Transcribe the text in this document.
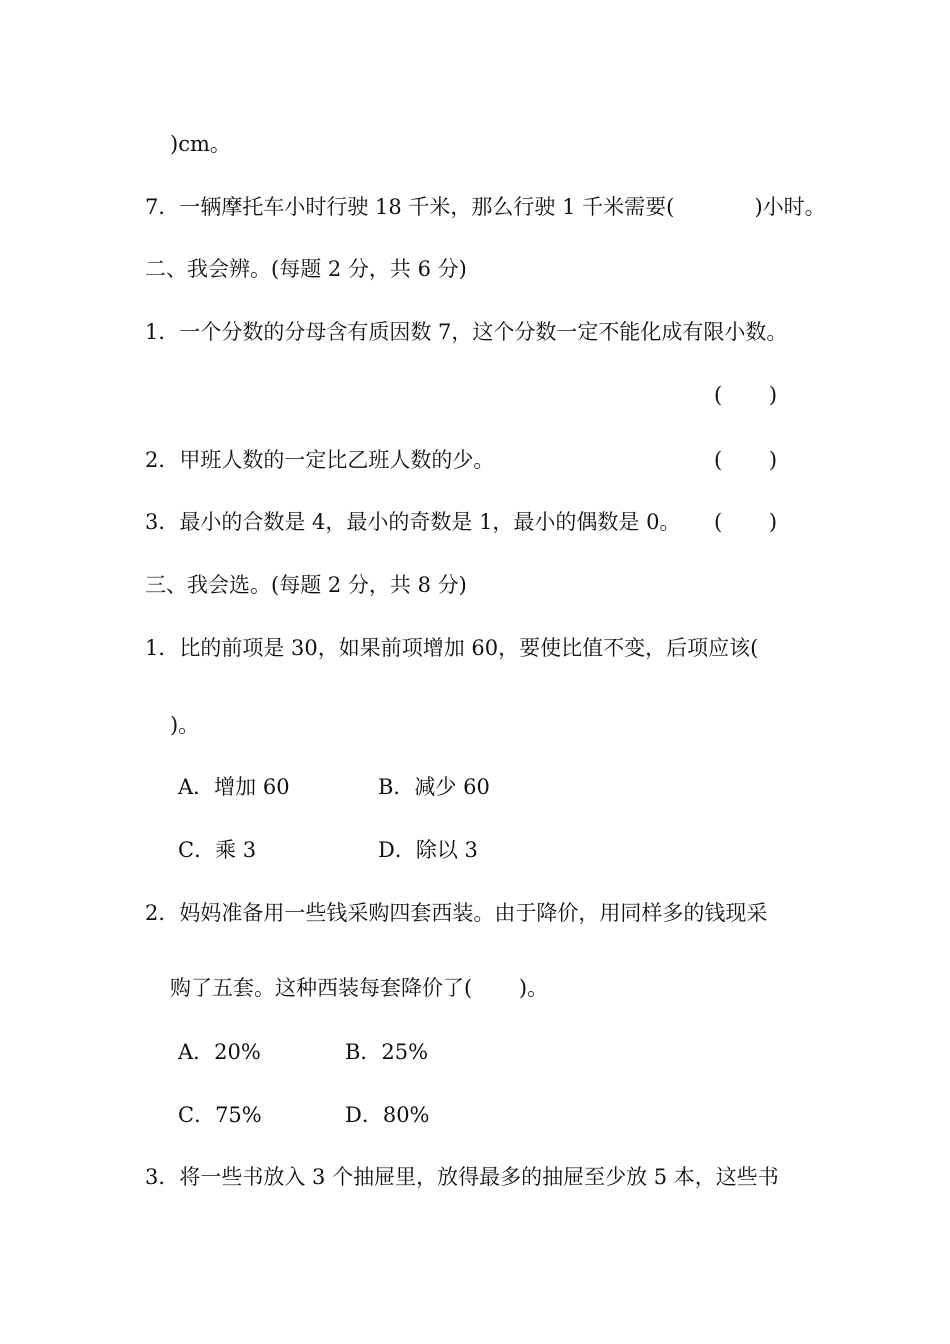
)cm。
7．一辆摩托车小时行驶 18 千米，那么行驶 1 千米需要(            )小时。
二、我会辨。(每题 2 分，共 6 分)
1．一个分数的分母含有质因数 7，这个分数一定不能化成有限小数。
(       )
2．甲班人数的一定比乙班人数的少。	(       )
3．最小的合数是 4，最小的奇数是 1，最小的偶数是 0。 (       )
三、我会选。(每题 2 分，共 8 分)
1．比的前项是 30，如果前项增加 60，要使比值不变，后项应该(
)。
A．增加 60	B．减少 60
C．乘 3	D．除以 3
2．妈妈准备用一些钱采购四套西装。由于降价，用同样多的钱现采
购了五套。这种西装每套降价了(       )。
A．20%	B．25%
C．75%	D．80%
3．将一些书放入 3 个抽屉里，放得最多的抽屉至少放 5 本，这些书
